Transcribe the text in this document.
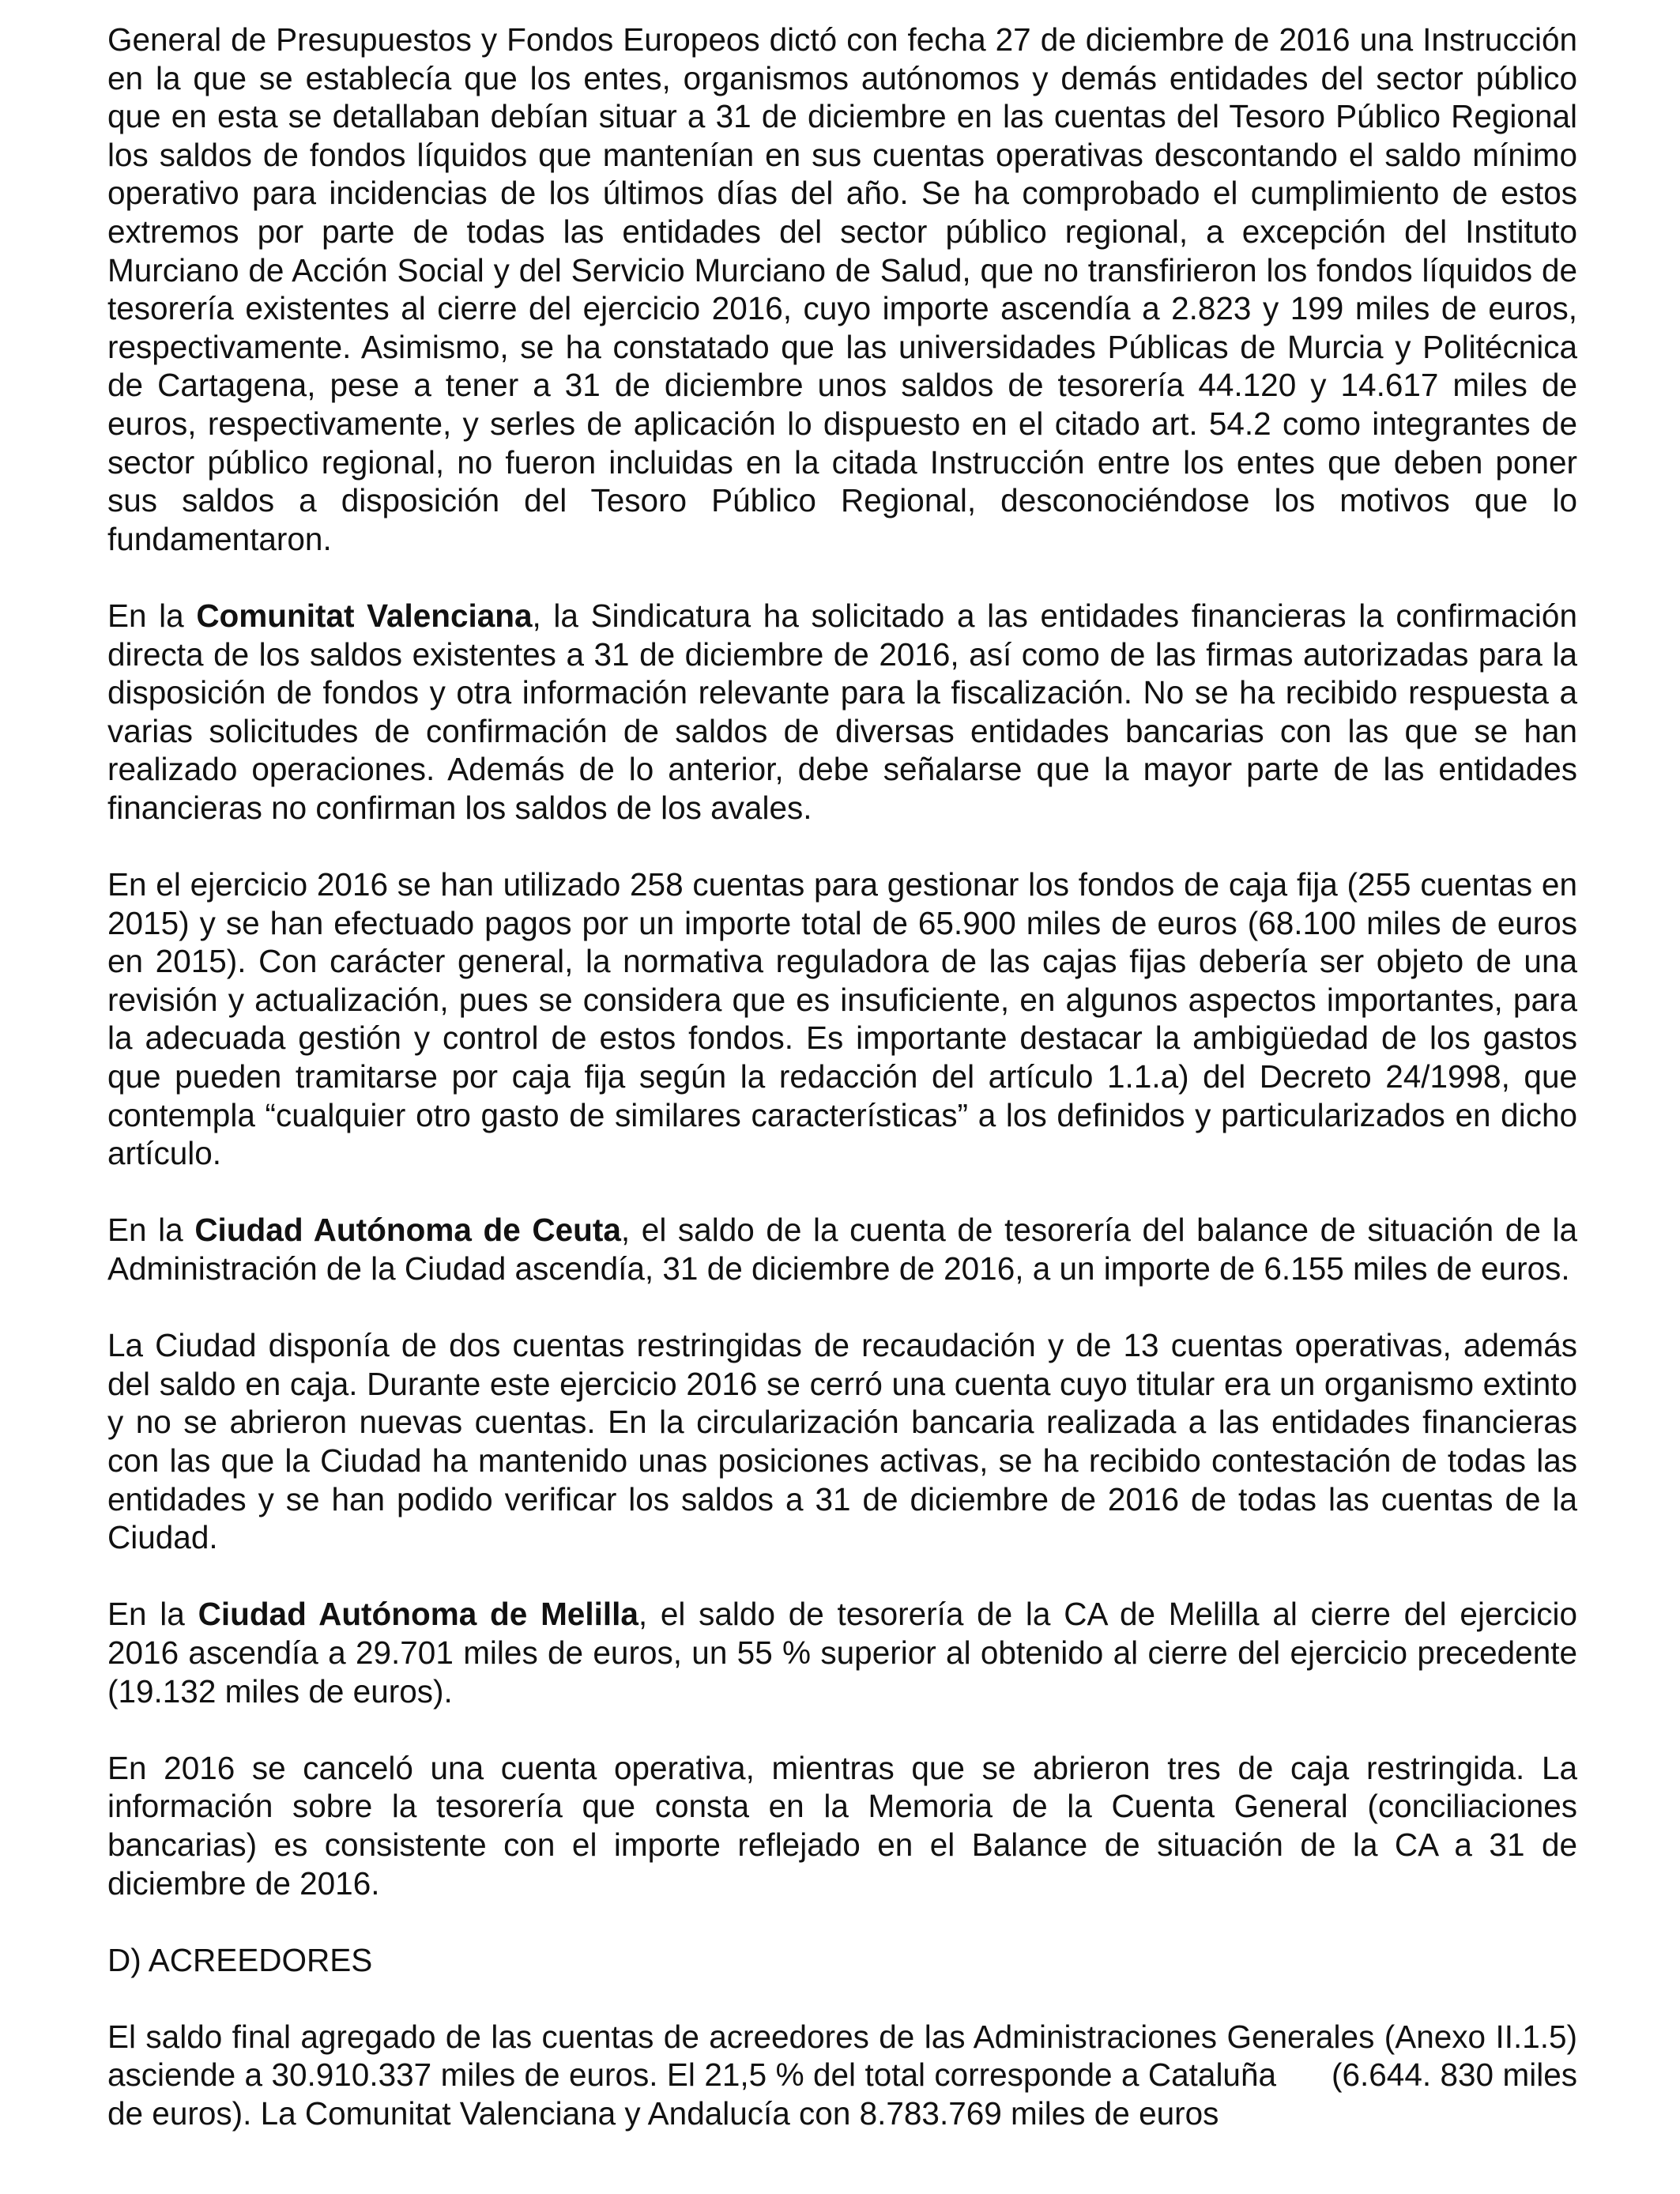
General de Presupuestos y Fondos Europeos dictó con fecha 27 de diciembre de 2016 una Instrucción en la que se establecía que los entes, organismos autónomos y demás entidades del sector público que en esta se detallaban debían situar a 31 de diciembre en las cuentas del Tesoro Público Regional los saldos de fondos líquidos que mantenían en sus cuentas operativas descontando el saldo mínimo operativo para incidencias de los últimos días del año. Se ha comprobado el cumplimiento de estos extremos por parte de todas las entidades del sector público regional, a excepción del Instituto Murciano de Acción Social y del Servicio Murciano de Salud, que no transfirieron los fondos líquidos de tesorería existentes al cierre del ejercicio 2016, cuyo importe ascendía a 2.823 y 199 miles de euros, respectivamente. Asimismo, se ha constatado que las universidades Públicas de Murcia y Politécnica de Cartagena, pese a tener a 31 de diciembre unos saldos de tesorería 44.120 y 14.617 miles de euros, respectivamente, y serles de aplicación lo dispuesto en el citado art. 54.2 como integrantes de sector público regional, no fueron incluidas en la citada Instrucción entre los entes que deben poner sus saldos a disposición del Tesoro Público Regional, desconociéndose los motivos que lo fundamentaron.

En la Comunitat Valenciana, la Sindicatura ha solicitado a las entidades financieras la confirmación directa de los saldos existentes a 31 de diciembre de 2016, así como de las firmas autorizadas para la disposición de fondos y otra información relevante para la fiscalización. No se ha recibido respuesta a varias solicitudes de confirmación de saldos de diversas entidades bancarias con las que se han realizado operaciones. Además de lo anterior, debe señalarse que la mayor parte de las entidades financieras no confirman los saldos de los avales.

En el ejercicio 2016 se han utilizado 258 cuentas para gestionar los fondos de caja fija (255 cuentas en 2015) y se han efectuado pagos por un importe total de 65.900 miles de euros (68.100 miles de euros en 2015). Con carácter general, la normativa reguladora de las cajas fijas debería ser objeto de una revisión y actualización, pues se considera que es insuficiente, en algunos aspectos importantes, para la adecuada gestión y control de estos fondos. Es importante destacar la ambigüedad de los gastos que pueden tramitarse por caja fija según la redacción del artículo 1.1.a) del Decreto 24/1998, que contempla “cualquier otro gasto de similares características” a los definidos y particularizados en dicho artículo.

En la Ciudad Autónoma de Ceuta, el saldo de la cuenta de tesorería del balance de situación de la Administración de la Ciudad ascendía, 31 de diciembre de 2016, a un importe de 6.155 miles de euros.

La Ciudad disponía de dos cuentas restringidas de recaudación y de 13 cuentas operativas, además del saldo en caja. Durante este ejercicio 2016 se cerró una cuenta cuyo titular era un organismo extinto y no se abrieron nuevas cuentas. En la circularización bancaria realizada a las entidades financieras con las que la Ciudad ha mantenido unas posiciones activas, se ha recibido contestación de todas las entidades y se han podido verificar los saldos a 31 de diciembre de 2016 de todas las cuentas de la Ciudad.

En la Ciudad Autónoma de Melilla, el saldo de tesorería de la CA de Melilla al cierre del ejercicio 2016 ascendía a 29.701 miles de euros, un 55 % superior al obtenido al cierre del ejercicio precedente (19.132 miles de euros).

En 2016 se canceló una cuenta operativa, mientras que se abrieron tres de caja restringida. La información sobre la tesorería que consta en la Memoria de la Cuenta General (conciliaciones bancarias) es consistente con el importe reflejado en el Balance de situación de la CA a 31 de diciembre de 2016.

D) ACREEDORES

El saldo final agregado de las cuentas de acreedores de las Administraciones Generales (Anexo II.1.5) asciende a 30.910.337 miles de euros. El 21,5 % del total corresponde a Cataluña (6.644. 830 miles de euros). La Comunitat Valenciana y Andalucía con 8.783.769 miles de euros
